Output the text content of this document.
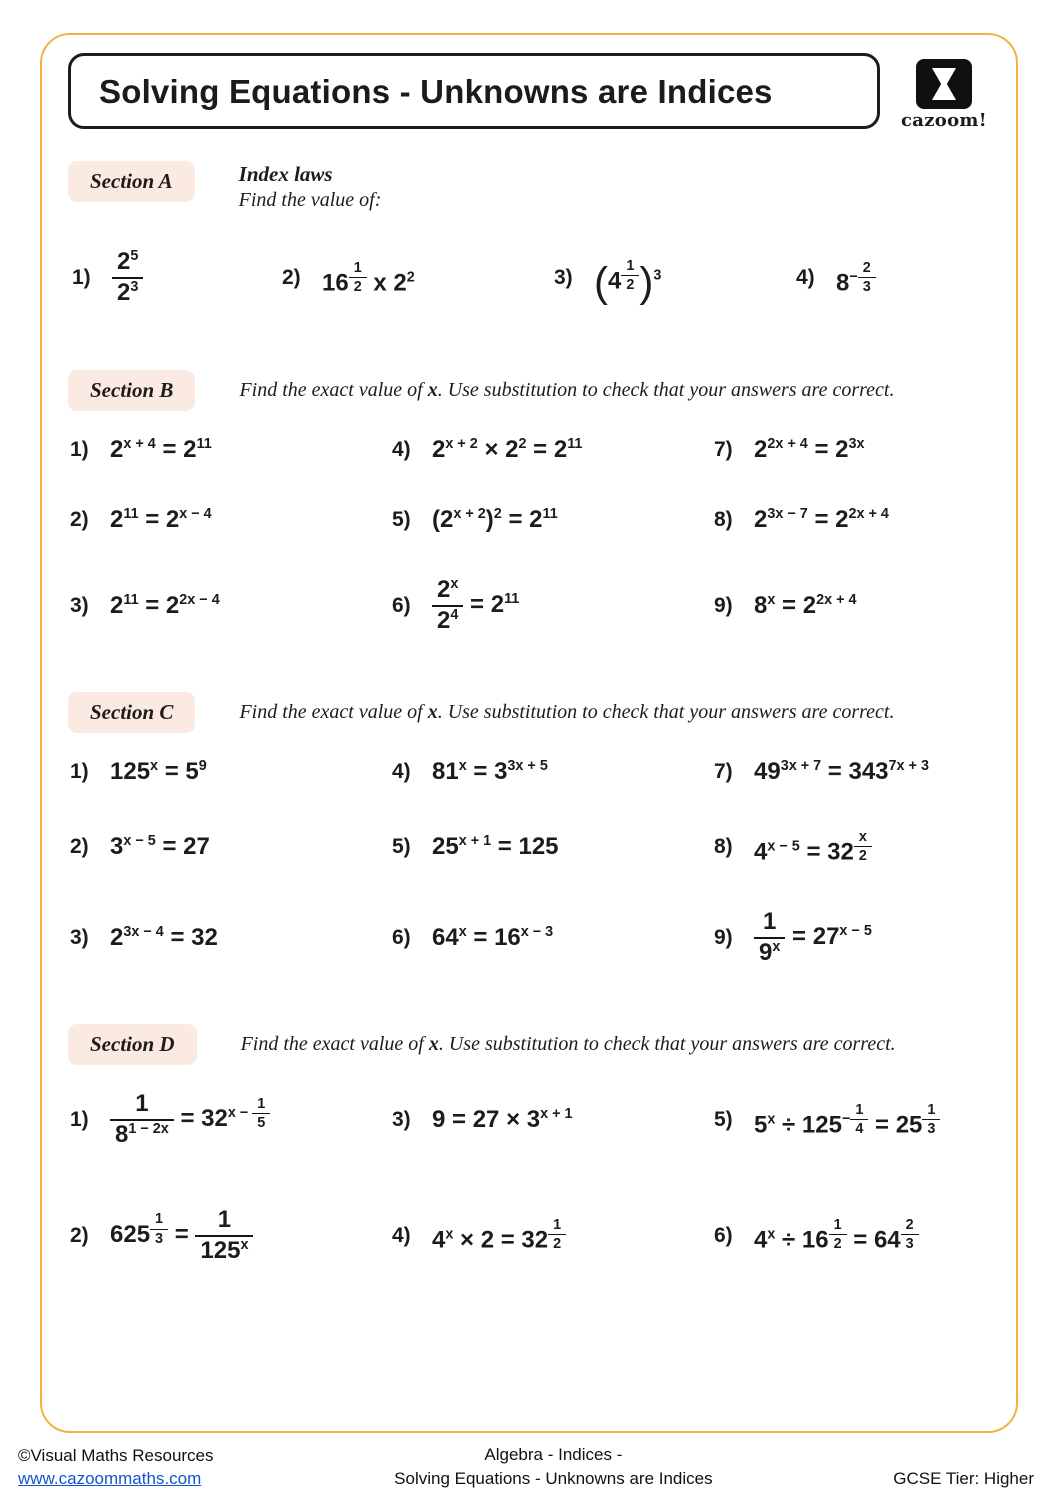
Solving Equations - Unknowns are Indices
cazoom!
Section A	Index laws
Find the value of:
$1) \frac{2^5}{2^3}$	2) 16 $^{\frac{1}{2}}$ x $2^2$	3) (4 $^{\frac{1}{2}}$ )$^3$	4) $8^{- \frac{2}{3}}$
Section B	Find the exact value of x. Use substitution to check that your answers are correct.
1) $2^{x + 4} = 2^{11}$
2) $2^{11} = 2^{x - 4}$
3) $2^{11} = 2^{2x - 4}$
4) $2^{x + 2} \times 2^2 = 2^{11}$
5) $(2^{x + 2})^2 = 2^{11}$
$6) \frac{2^x}{2^4} = 2^{11}$
7) $2^{2x + 4} = 2^{3x}$
8) $2^{3x - 7} = 2^{2x + 4}$
9) $8^x = 2^{2x + 4}$
Section C	Find the exact value of x. Use substitution to check that your answers are correct.
1) $125^x = 5^9$
2) $3^{x - 5} = 27$
3) $2^{3x - 4} = 32$
4) $81^x = 3^{3x + 5}$
5) $25^{x + 1} = 125$
6) $64^x = 16^{x - 3}$
7) $49^{3x + 7} = 343^{7x + 3}$
8) $4^{x - 5} = 32$ $^{\frac{x}{2}}$
$9) \frac{1}{9^x} = 27^{x - 5}$
Section D	Find the exact value of x. Use substitution to check that your answers are correct.
$1) \frac{1}{8^{1 - 2x}} = 32^{x - \frac{1}{5}}$
2) 625 $^{\frac{1}{3}} = \frac{1}{125^x}$
3) $9 = 27 \times 3^{x + 1}$
4) $4^x \times 2 = 32$ $^{\frac{1}{2}}$
5) $5^x \div 125^{- \frac{1}{4}} = 25$ $^{\frac{1}{3}}$
6) $4^x \div 16$ $^{\frac{1}{2}}$ = 64 $^{\frac{2}{3}}$
©Visual Maths Resources
www.cazoommaths.com
Algebra - Indices -
Solving Equations - Unknowns are Indices	GCSE Tier: Higher
